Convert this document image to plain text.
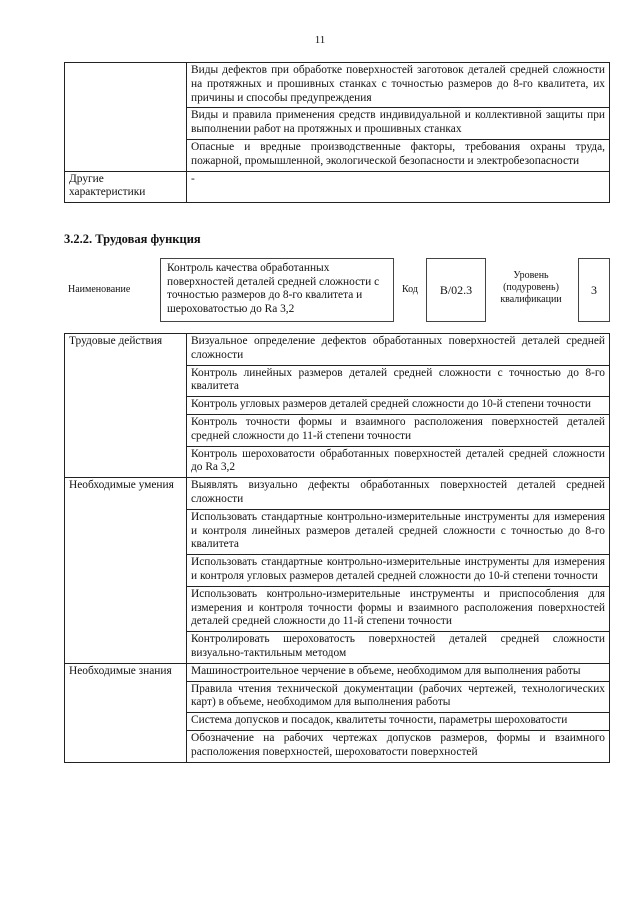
11
	Виды дефектов при обработке поверхностей заготовок деталей средней сложности на протяжных и прошивных станках с точностью размеров до 8-го квалитета, их причины и способы предупреждения
	Виды и правила применения средств индивидуальной и коллективной защиты при выполнении работ на протяжных и прошивных станках
	Опасные и вредные производственные факторы, требования охраны труда, пожарной, промышленной, экологической безопасности и электробезопасности
Другие характеристики	-
3.2.2. Трудовая функция
Наименование
Контроль качества обработанных поверхностей деталей средней сложности с точностью размеров до 8-го квалитета и шероховатостью до Ra 3,2
Код	B/02.3
Уровень (подуровень) квалификации
3
Трудовые действия	Визуальное определение дефектов обработанных поверхностей деталей средней сложности
	Контроль линейных размеров деталей средней сложности с точностью до 8-го квалитета
	Контроль угловых размеров деталей средней сложности до 10-й степени точности
	Контроль точности формы и взаимного расположения поверхностей деталей средней сложности до 11-й степени точности
	Контроль шероховатости обработанных поверхностей деталей средней сложности до Ra 3,2
Необходимые умения	Выявлять визуально дефекты обработанных поверхностей деталей средней сложности
	Использовать стандартные контрольно-измерительные инструменты для измерения и контроля линейных размеров деталей средней сложности с точностью до 8-го квалитета
	Использовать стандартные контрольно-измерительные инструменты для измерения и контроля угловых размеров деталей средней сложности до 10-й степени точности
	Использовать контрольно-измерительные инструменты и приспособления для измерения и контроля точности формы и взаимного расположения поверхностей деталей средней сложности до 11-й степени точности
	Контролировать шероховатость поверхностей деталей средней сложности визуально-тактильным методом
Необходимые знания	Машиностроительное черчение в объеме, необходимом для выполнения работы
	Правила чтения технической документации (рабочих чертежей, технологических карт) в объеме, необходимом для выполнения работы
	Система допусков и посадок, квалитеты точности, параметры шероховатости
	Обозначение на рабочих чертежах допусков размеров, формы и взаимного расположения поверхностей, шероховатости поверхностей
